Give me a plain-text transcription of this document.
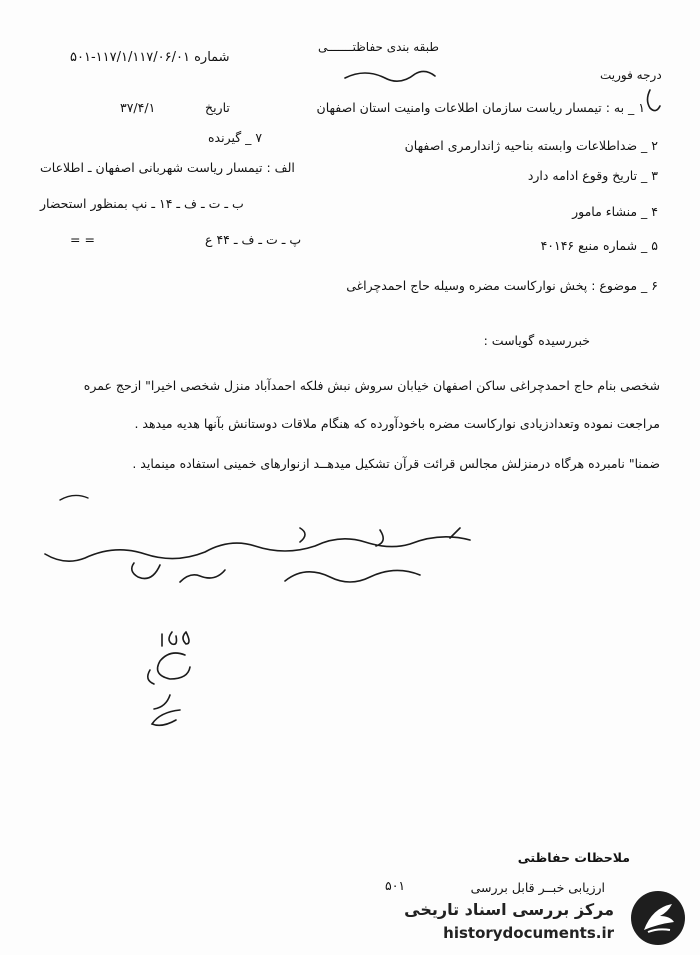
طبقه بندی حفاظتـــــــی
شماره ۱۱۷/۱/۱۱۷/۰۶/۰۱-۵۰۱
درجه فوریت
تاریخ
۳۷/۴/۱	۱ _ به : تیمسار ریاست سازمان اطلاعات وامنیت استان اصفهان
۲ _ ضداطلاعات وابسته بناحیه ژاندارمری اصفهان
۳ _ تاریخ وقوع ادامه دارد
۴ _ منشاء مامور
۵ _ شماره منبع ۴۰۱۴۶
۶ _ موضوع : پخش نوارکاست مضره وسیله حاج احمدچراغی
۷ _ گیرنده
الف : تیمسار ریاست شهربانی اصفهان ـ اطلاعات
ب ـ ت ـ ف ـ ۱۴ ـ نپ بمنظور استحضار
پ ـ ت ـ ف ـ ۴۴ ع
= =
خبررسیده گویاست :
شخصی بنام حاج احمدچراغی ساکن اصفهان خیابان سروش نبش فلکه احمدآباد منزل شخصی اخیرا" ازحج عمره
مراجعت نموده وتعدادزیادی نوارکاست مضره باخودآورده که هنگام ملاقات دوستانش بآنها هدیه میدهد .
ضمنا" نامبرده هرگاه درمنزلش مجالس قرائت قرآن تشکیل میدهــد ازنوارهای خمینی استفاده مینماید .
ملاحظات حفاظتی
ارزیابی خبــر قابل بررسی
۵۰۱
مرکز بررسی اسناد تاریخی
historydocuments.ir
